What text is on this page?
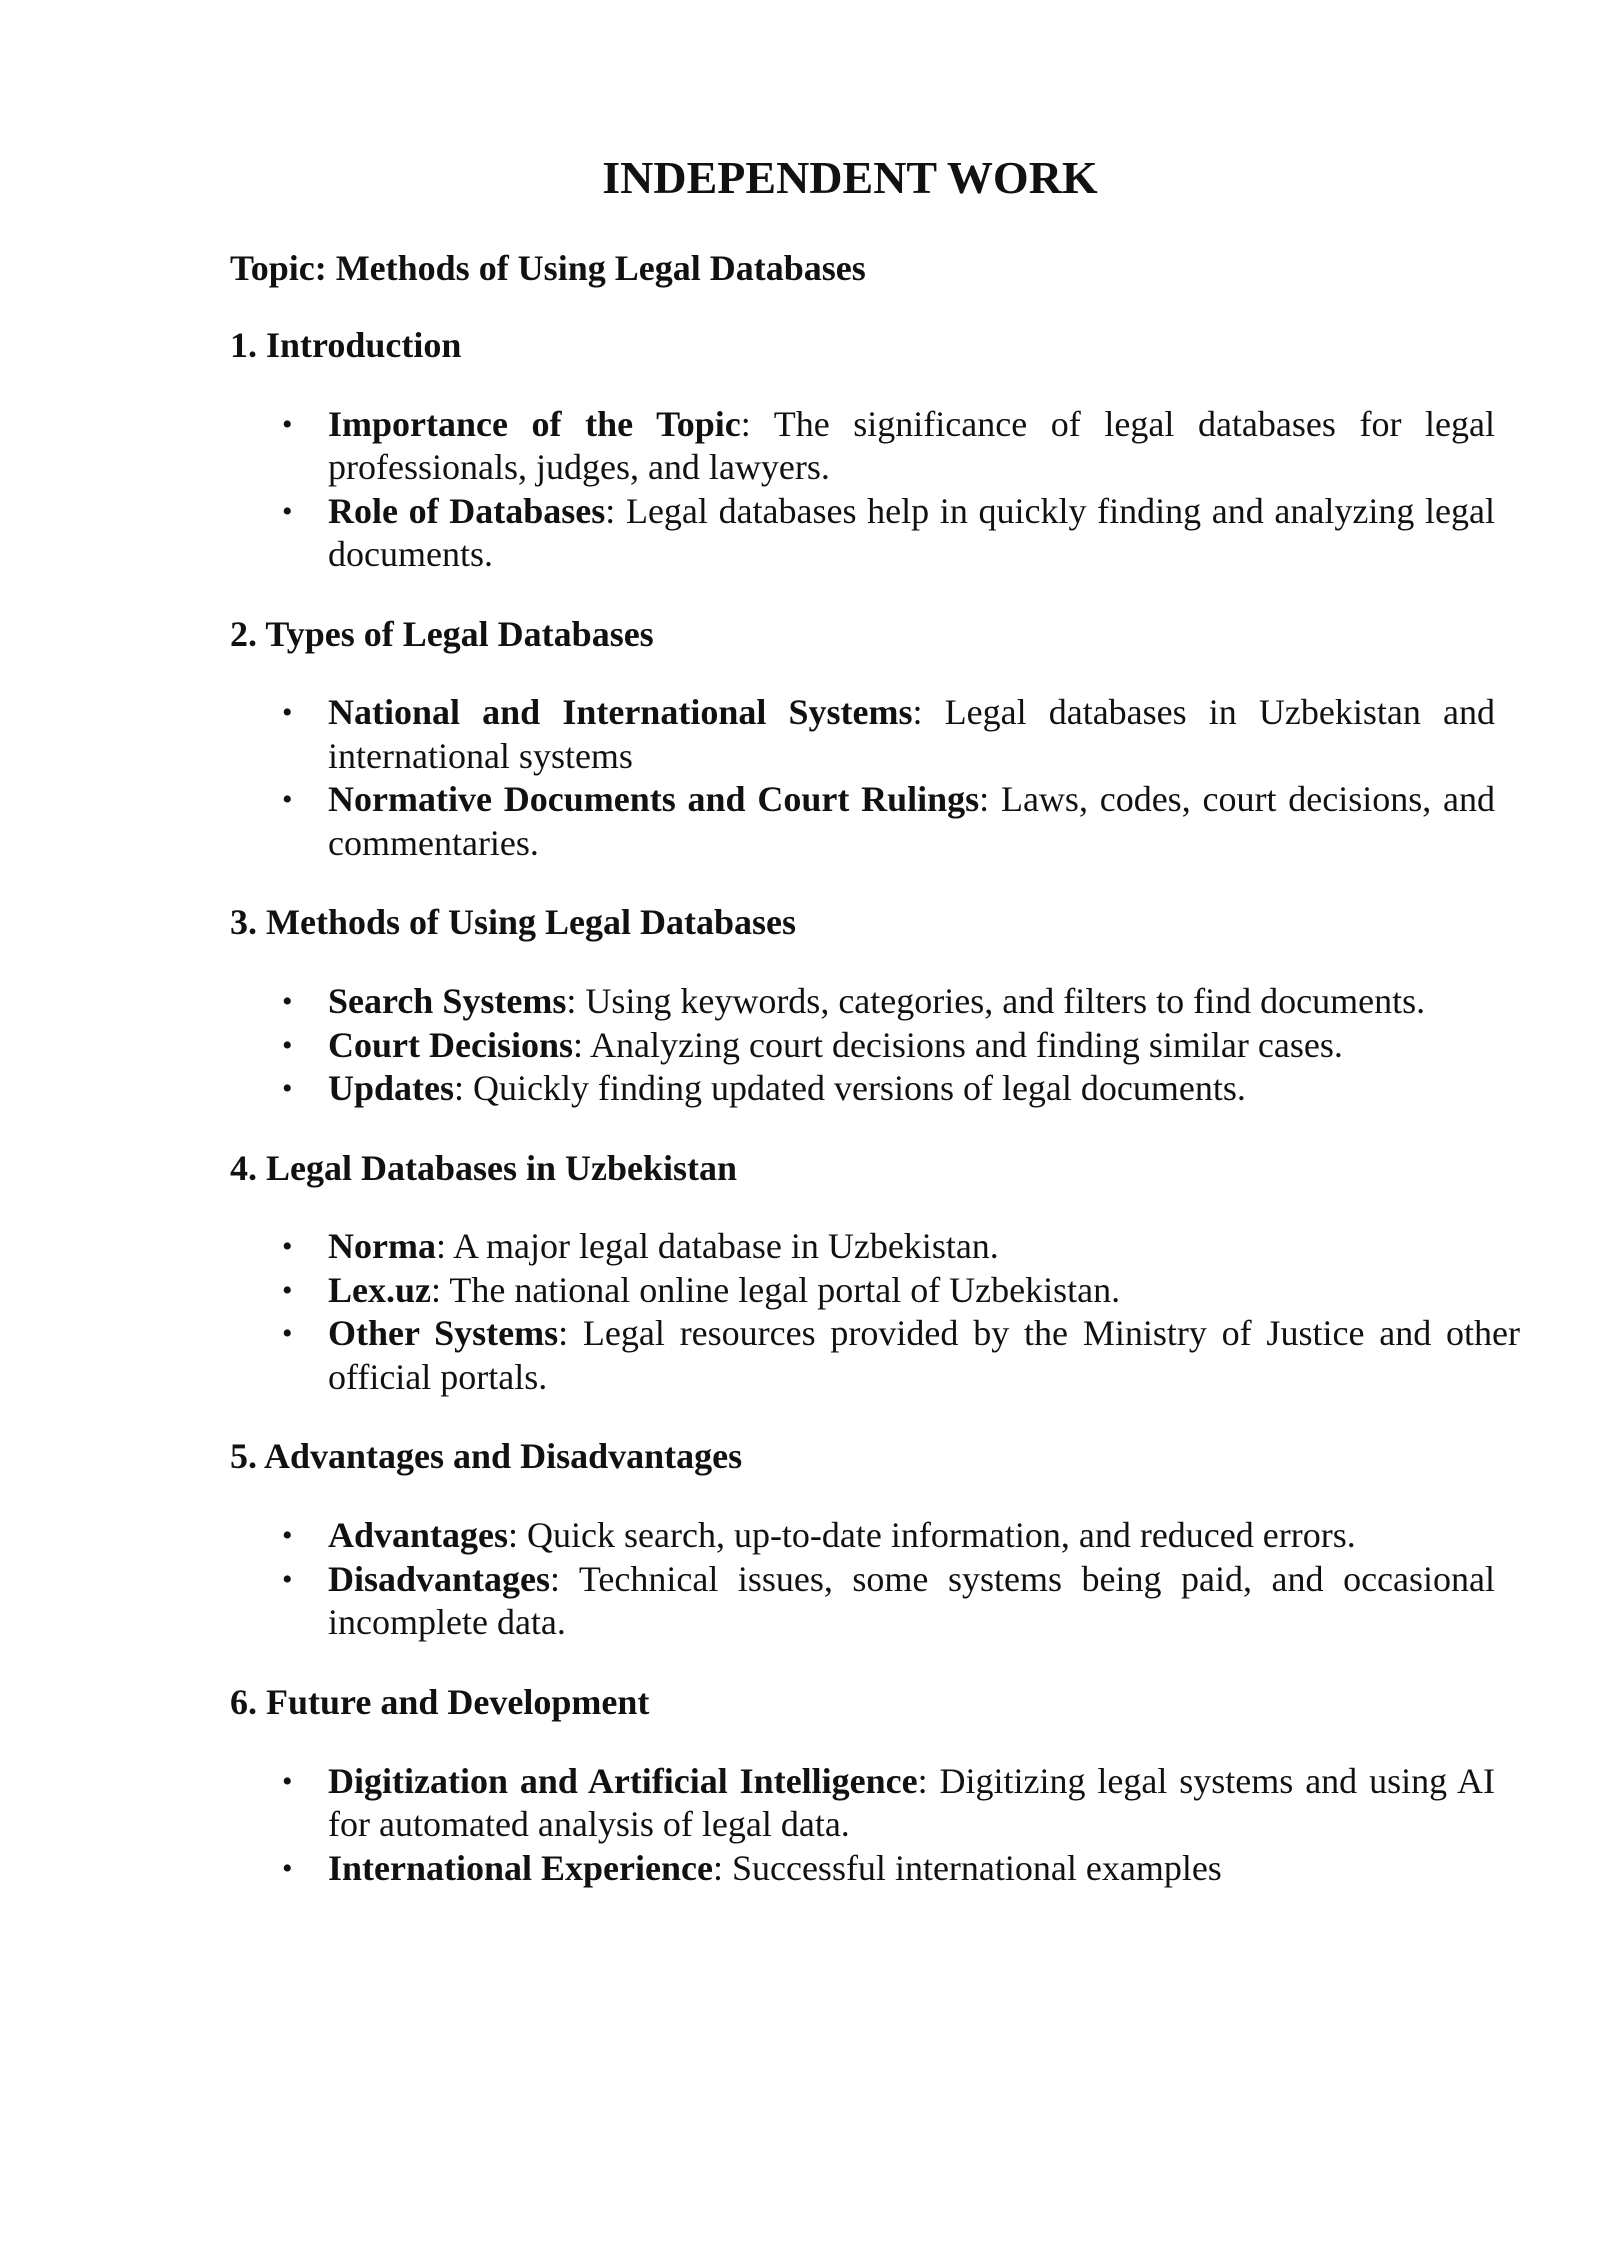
INDEPENDENT WORK

Topic: Methods of Using Legal Databases

1. Introduction
• Importance of the Topic: The significance of legal databases for legal professionals, judges, and lawyers.
• Role of Databases: Legal databases help in quickly finding and analyzing legal documents.
2. Types of Legal Databases
• National and International Systems: Legal databases in Uzbekistan and international systems
• Normative Documents and Court Rulings: Laws, codes, court decisions, and commentaries.
3. Methods of Using Legal Databases
• Search Systems: Using keywords, categories, and filters to find documents.
• Court Decisions: Analyzing court decisions and finding similar cases.
• Updates: Quickly finding updated versions of legal documents.
4. Legal Databases in Uzbekistan
• Norma: A major legal database in Uzbekistan.
• Lex.uz: The national online legal portal of Uzbekistan.
• Other Systems: Legal resources provided by the Ministry of Justice and other official portals.
5. Advantages and Disadvantages
• Advantages: Quick search, up-to-date information, and reduced errors.
• Disadvantages: Technical issues, some systems being paid, and occasional incomplete data.
6. Future and Development
• Digitization and Artificial Intelligence: Digitizing legal systems and using AI for automated analysis of legal data.
• International Experience: Successful international examples
